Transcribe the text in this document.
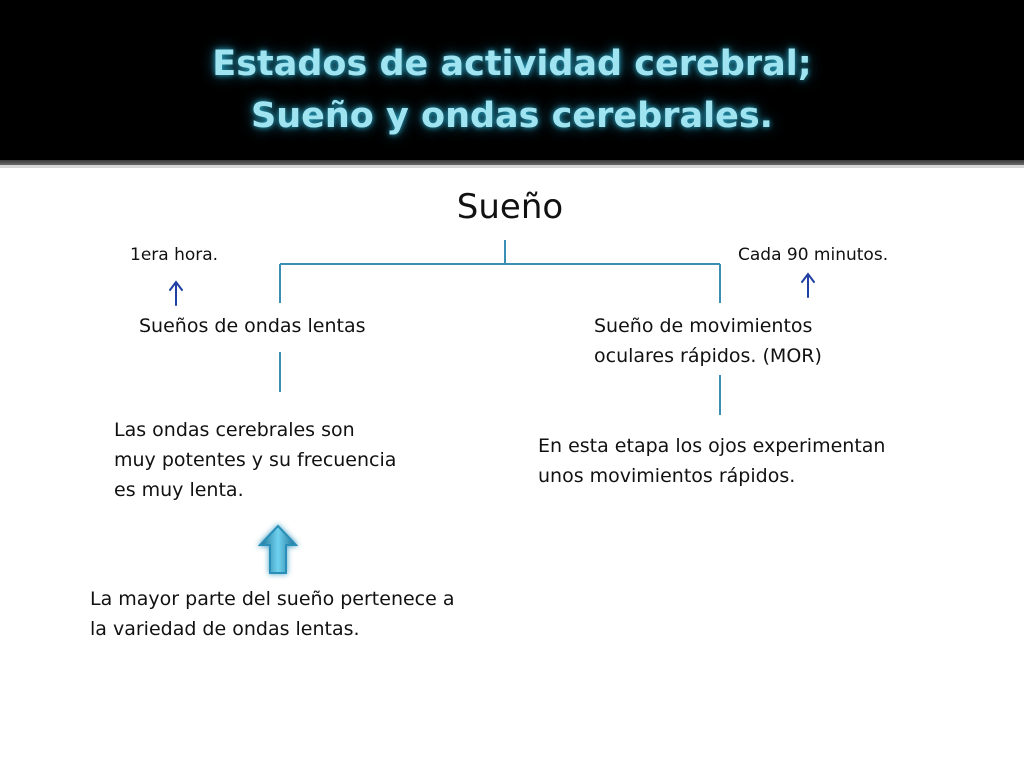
Estados de actividad cerebral;
Sueño y ondas cerebrales.
Sueño

1era hora.	Cada 90 minutos.

Sueños de ondas lentas	Sueño de movimientos

oculares rápidos. (MOR)

Las ondas cerebrales son

muy potentes y su frecuencia

es muy lenta.

En esta etapa los ojos experimentan

unos movimientos rápidos.

La mayor parte del sueño pertenece a

la variedad de ondas lentas.
